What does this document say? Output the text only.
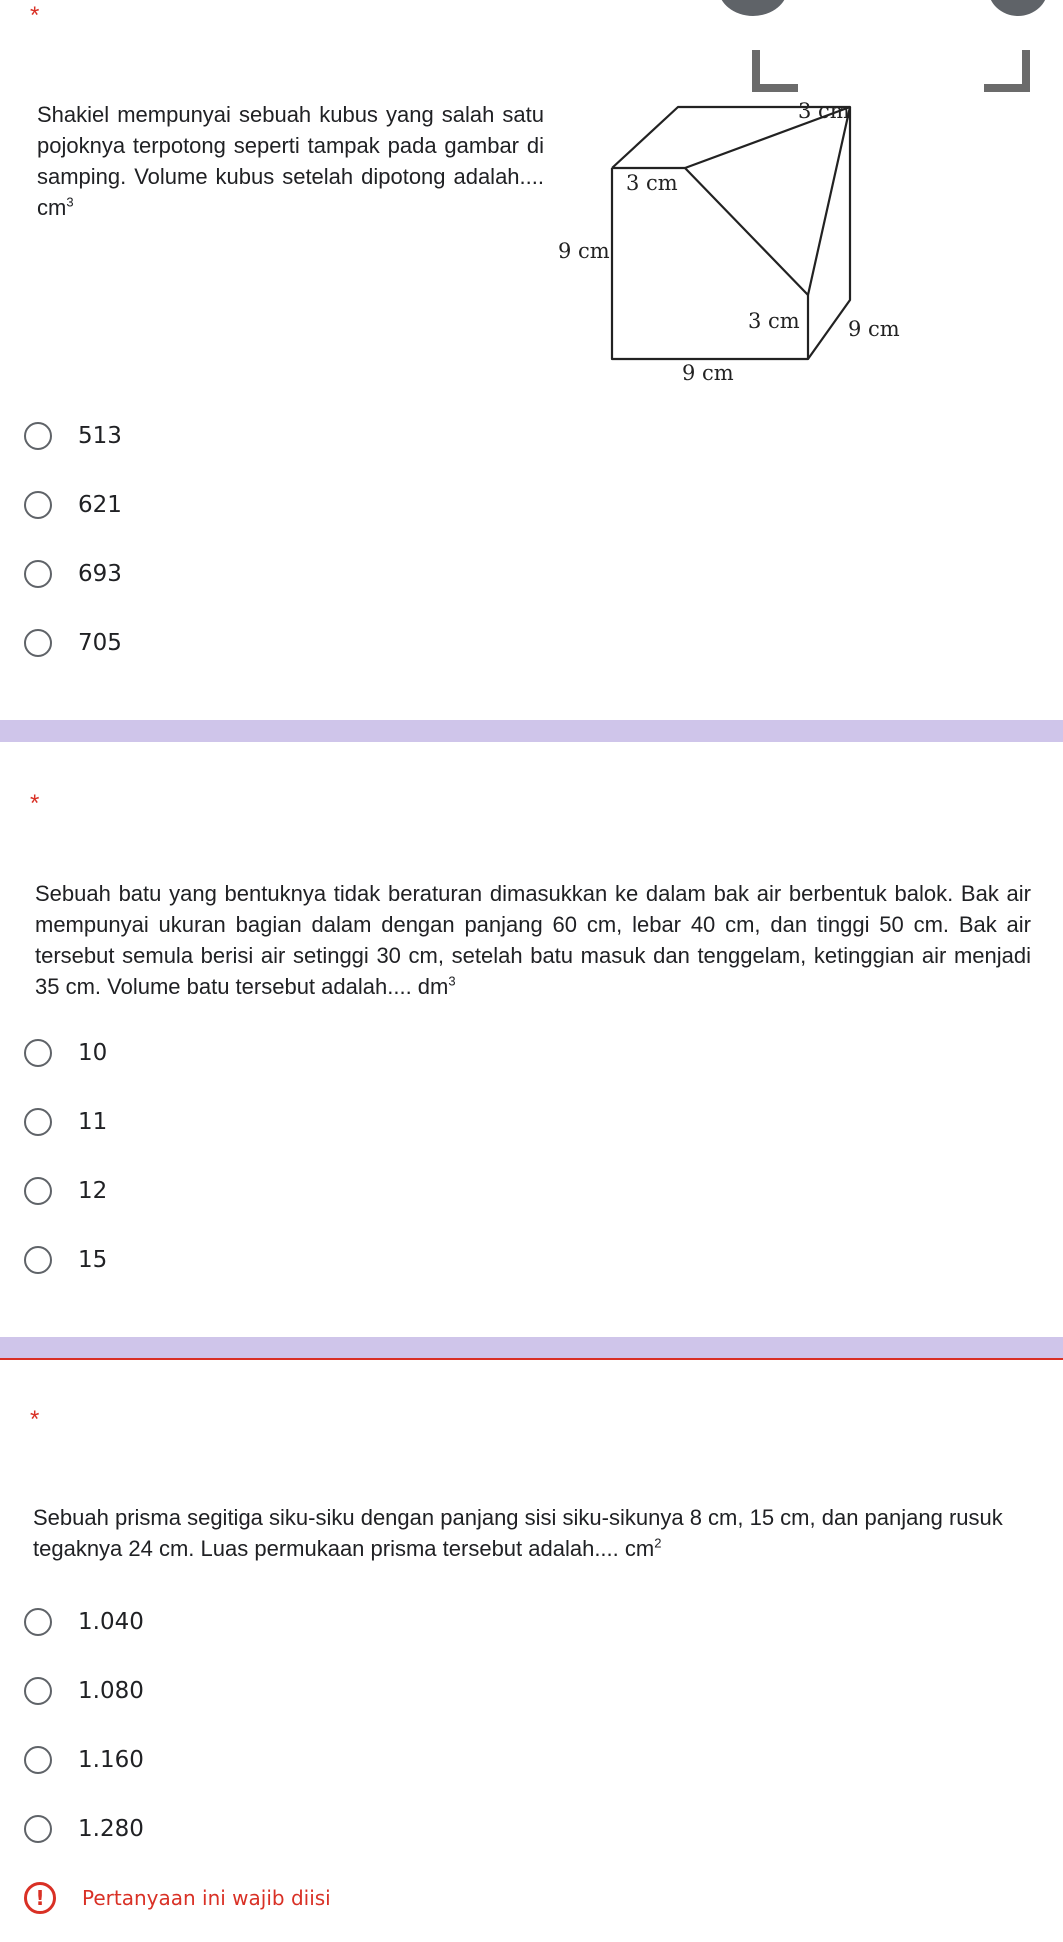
*
Shakiel mempunyai sebuah kubus yang salah satu pojoknya terpotong seperti tampak pada gambar di samping. Volume kubus setelah dipotong adalah.... $cm^3$
3 cm
3 cm
9 cm
3 cm 9 cm
9 cm
513
621
693
705
*
Sebuah batu yang bentuknya tidak beraturan dimasukkan ke dalam bak air berbentuk balok. Bak air mempunyai ukuran bagian dalam dengan panjang 60 cm, lebar 40 cm, dan tinggi 50 cm. Bak air tersebut semula berisi air setinggi 30 cm, setelah batu masuk dan tenggelam, ketinggian air menjadi 35 cm. Volume batu tersebut adalah.... $dm^3$
10
11
12
15
*
Sebuah prisma segitiga siku-siku dengan panjang sisi siku-sikunya 8 cm, 15 cm, dan panjang rusuk tegaknya 24 cm. Luas permukaan prisma tersebut adalah.... $cm^2$
1.040
1.080
1.160
1.280
!	Pertanyaan ini wajib diisi
